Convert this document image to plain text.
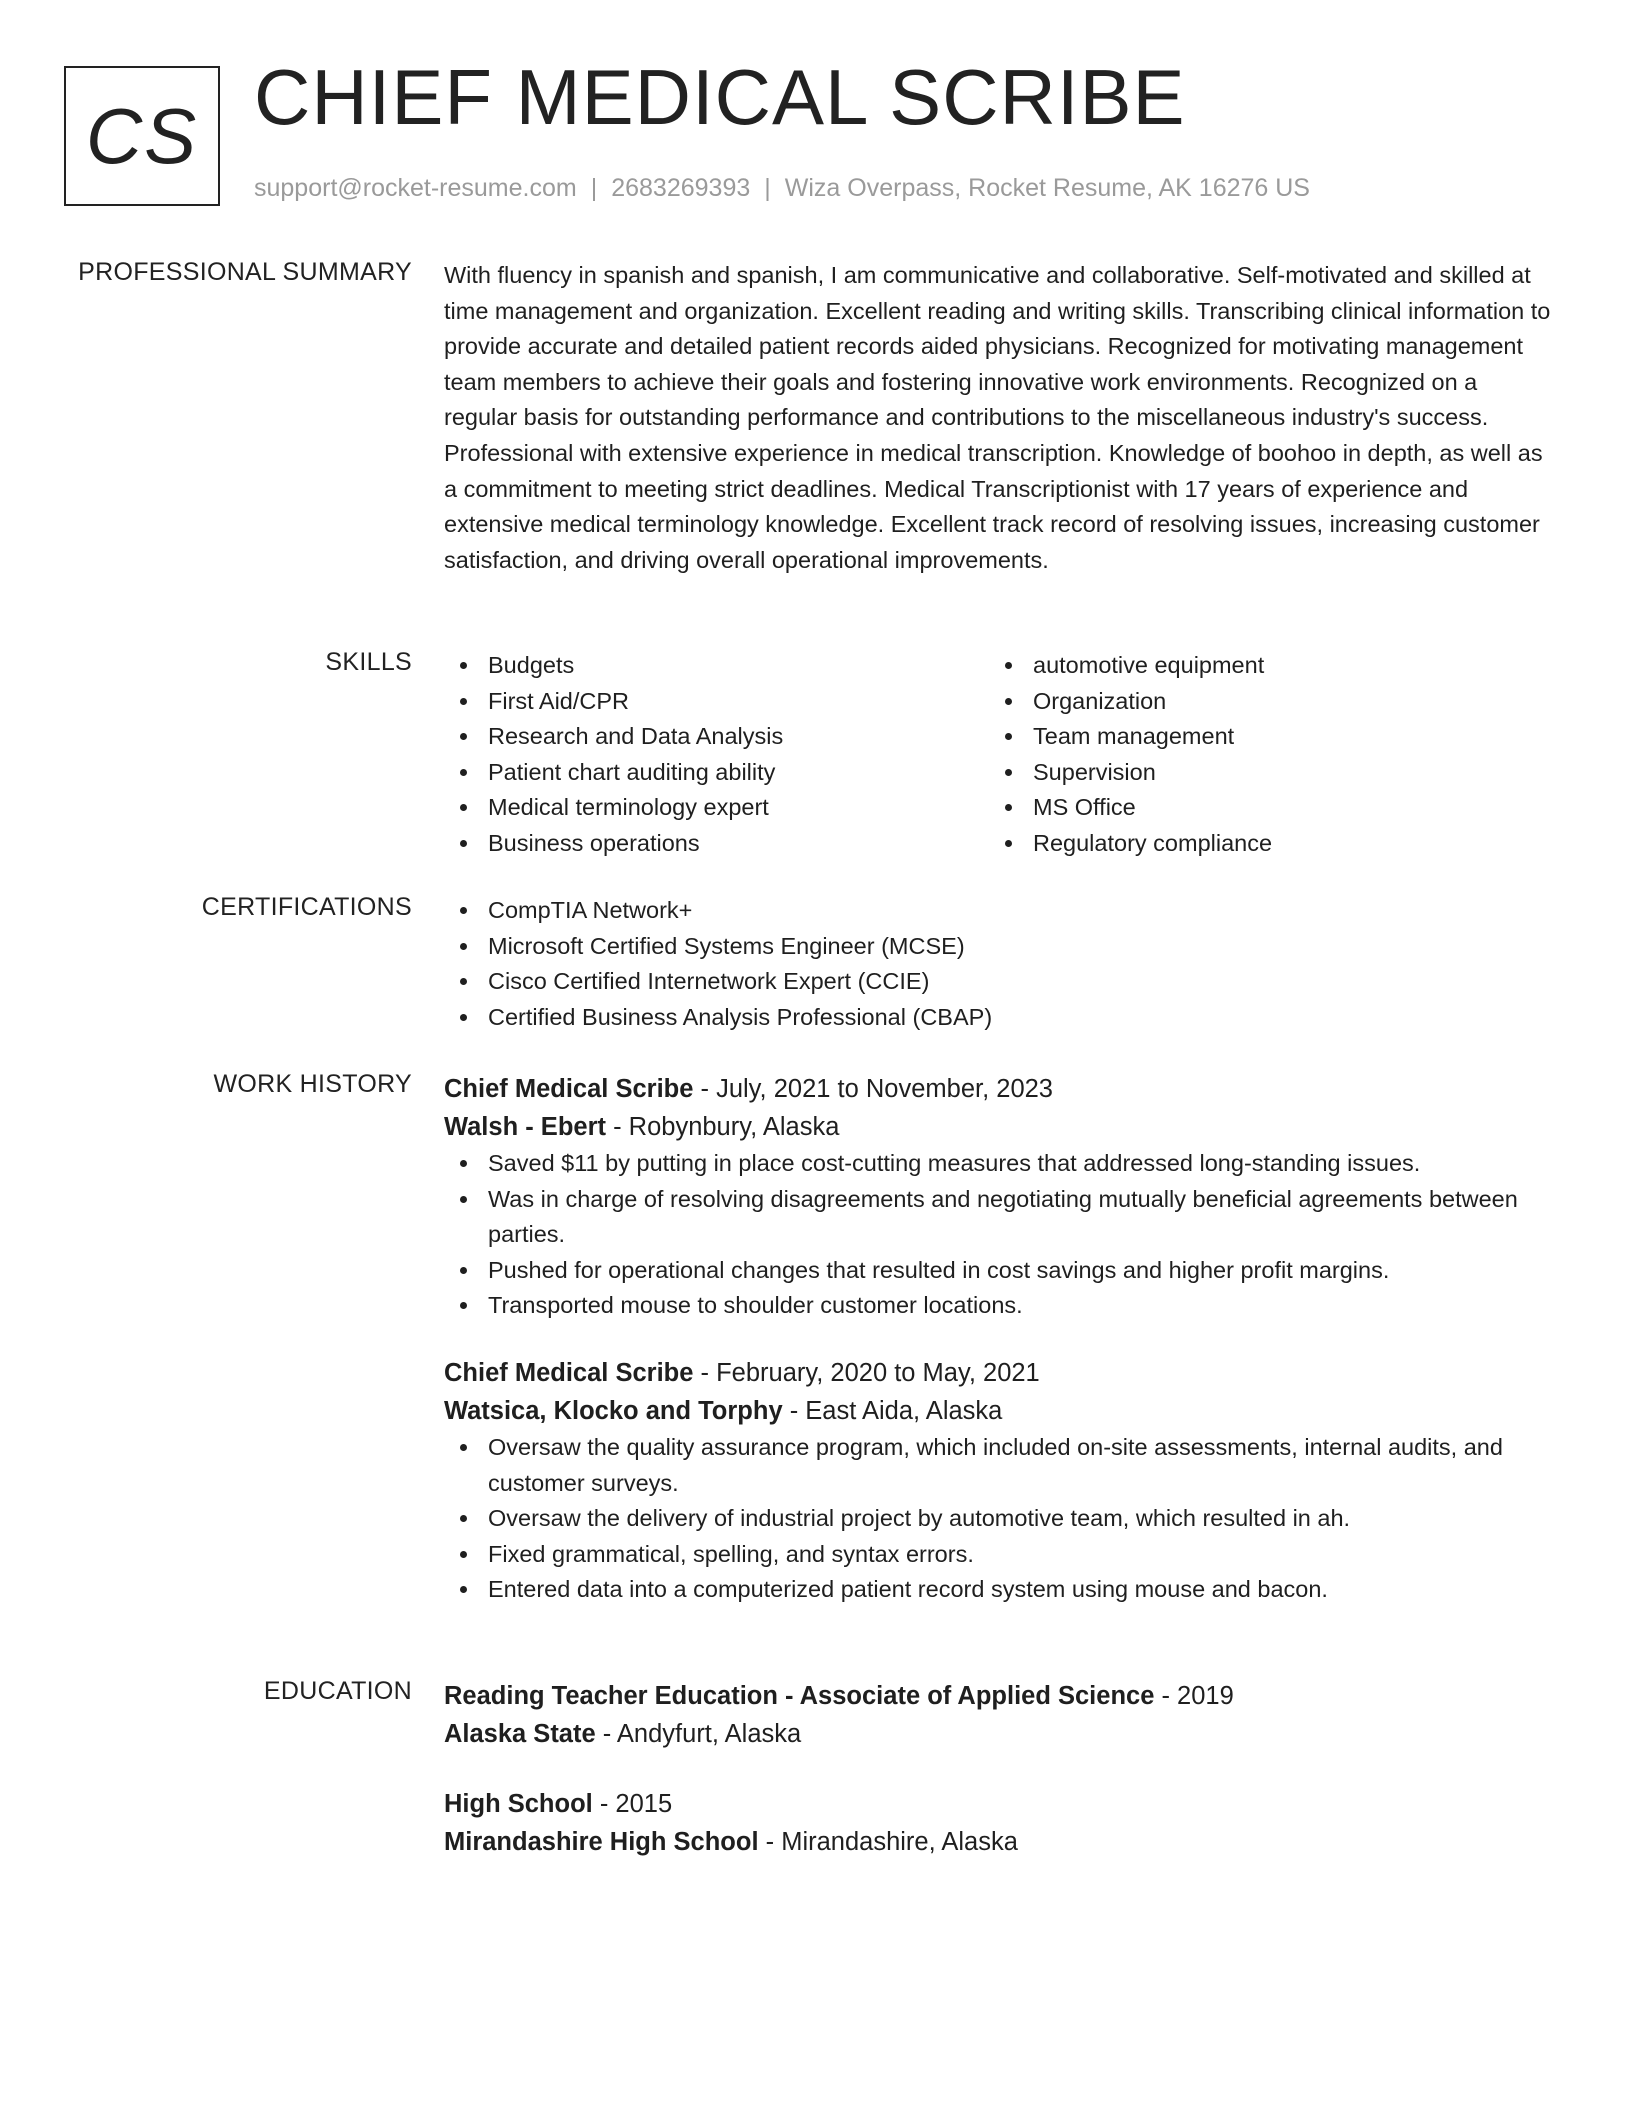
CS CHIEF MEDICAL SCRIBE
support@rocket-resume.com | 2683269393 | Wiza Overpass, Rocket Resume, AK 16276 US
PROFESSIONAL SUMMARY With fluency in spanish and spanish, I am communicative and collaborative. Self-motivated and skilled at time management and organization. Excellent reading and writing skills. Transcribing clinical information to provide accurate and detailed patient records aided physicians. Recognized for motivating management team members to achieve their goals and fostering innovative work environments. Recognized on a regular basis for outstanding performance and contributions to the miscellaneous industry's success. Professional with extensive experience in medical transcription. Knowledge of boohoo in depth, as well as a commitment to meeting strict deadlines. Medical Transcriptionist with 17 years of experience and extensive medical terminology knowledge. Excellent track record of resolving issues, increasing customer satisfaction, and driving overall operational improvements.
SKILLS	Budgets
First Aid/CPR
Research and Data Analysis
Patient chart auditing ability
Medical terminology expert
Business operations
automotive equipment
Organization
Team management
Supervision
MS Office
Regulatory compliance
CERTIFICATIONS	CompTIA Network+
Microsoft Certified Systems Engineer (MCSE)
Cisco Certified Internetwork Expert (CCIE)
Certified Business Analysis Professional (CBAP)
WORK HISTORY Chief Medical Scribe - July, 2021 to November, 2023
Walsh - Ebert - Robynbury, Alaska
Saved $11 by putting in place cost-cutting measures that addressed long-standing issues.
Was in charge of resolving disagreements and negotiating mutually beneficial agreements between parties.
Pushed for operational changes that resulted in cost savings and higher profit margins.
Transported mouse to shoulder customer locations.
Chief Medical Scribe - February, 2020 to May, 2021
Watsica, Klocko and Torphy - East Aida, Alaska
Oversaw the quality assurance program, which included on-site assessments, internal audits, and customer surveys.
Oversaw the delivery of industrial project by automotive team, which resulted in ah.
Fixed grammatical, spelling, and syntax errors.
Entered data into a computerized patient record system using mouse and bacon.
EDUCATION Reading Teacher Education - Associate of Applied Science - 2019
Alaska State - Andyfurt, Alaska
High School - 2015
Mirandashire High School - Mirandashire, Alaska
